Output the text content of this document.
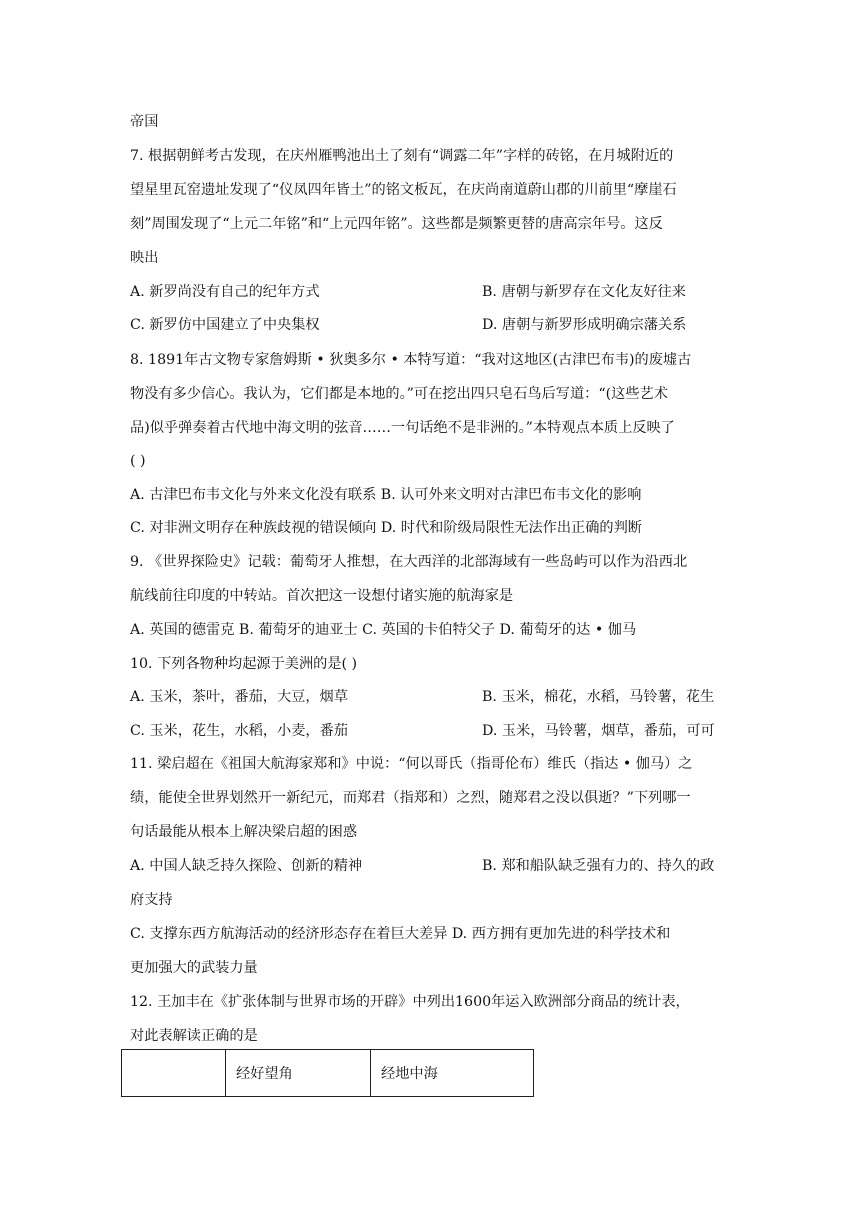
帝国
7. 根据朝鲜考古发现，在庆州雁鸭池出土了刻有“调露二年”字样的砖铭，在月城附近的
望星里瓦窑遗址发现了“仪凤四年皆土”的铭文板瓦，在庆尚南道蔚山郡的川前里“摩崖石
刻”周围发现了“上元二年铭”和“上元四年铭”。这些都是频繁更替的唐高宗年号。这反
映出
A. 新罗尚没有自己的纪年方式	B. 唐朝与新罗存在文化友好往来
C. 新罗仿中国建立了中央集权	D. 唐朝与新罗形成明确宗藩关系
8. 1891年古文物专家詹姆斯 • 狄奥多尔 • 本特写道：“我对这地区(古津巴布韦)的废墟古
物没有多少信心。我认为，它们都是本地的。”可在挖出四只皂石鸟后写道：“(这些艺术
品)似乎弹奏着古代地中海文明的弦音……一句话绝不是非洲的。”本特观点本质上反映了
( )
A. 古津巴布韦文化与外来文化没有联系 B. 认可外来文明对古津巴布韦文化的影响
C. 对非洲文明存在种族歧视的错误倾向 D. 时代和阶级局限性无法作出正确的判断
9. 《世界探险史》记载：葡萄牙人推想，在大西洋的北部海域有一些岛屿可以作为沿西北
航线前往印度的中转站。首次把这一设想付诸实施的航海家是
A. 英国的德雷克 B. 葡萄牙的迪亚士 C. 英国的卡伯特父子 D. 葡萄牙的达 • 伽马
10. 下列各物种均起源于美洲的是( )
A. 玉米，茶叶，番茄，大豆，烟草	B. 玉米，棉花，水稻，马铃薯，花生
C. 玉米，花生，水稻，小麦，番茄	D. 玉米，马铃薯，烟草，番茄，可可
11. 梁启超在《祖国大航海家郑和》中说：“何以哥氏（指哥伦布）维氏（指达 • 伽马）之
绩，能使全世界划然开一新纪元，而郑君（指郑和）之烈，随郑君之没以俱逝？”下列哪一
句话最能从根本上解决梁启超的困惑
A. 中国人缺乏持久探险、创新的精神	B. 郑和船队缺乏强有力的、持久的政
府支持
C. 支撑东西方航海活动的经济形态存在着巨大差异 D. 西方拥有更加先进的科学技术和
更加强大的武装力量
12. 王加丰在《扩张体制与世界市场的开辟》中列出1600年运入欧洲部分商品的统计表，
对此表解读正确的是
	经好望角	经地中海
